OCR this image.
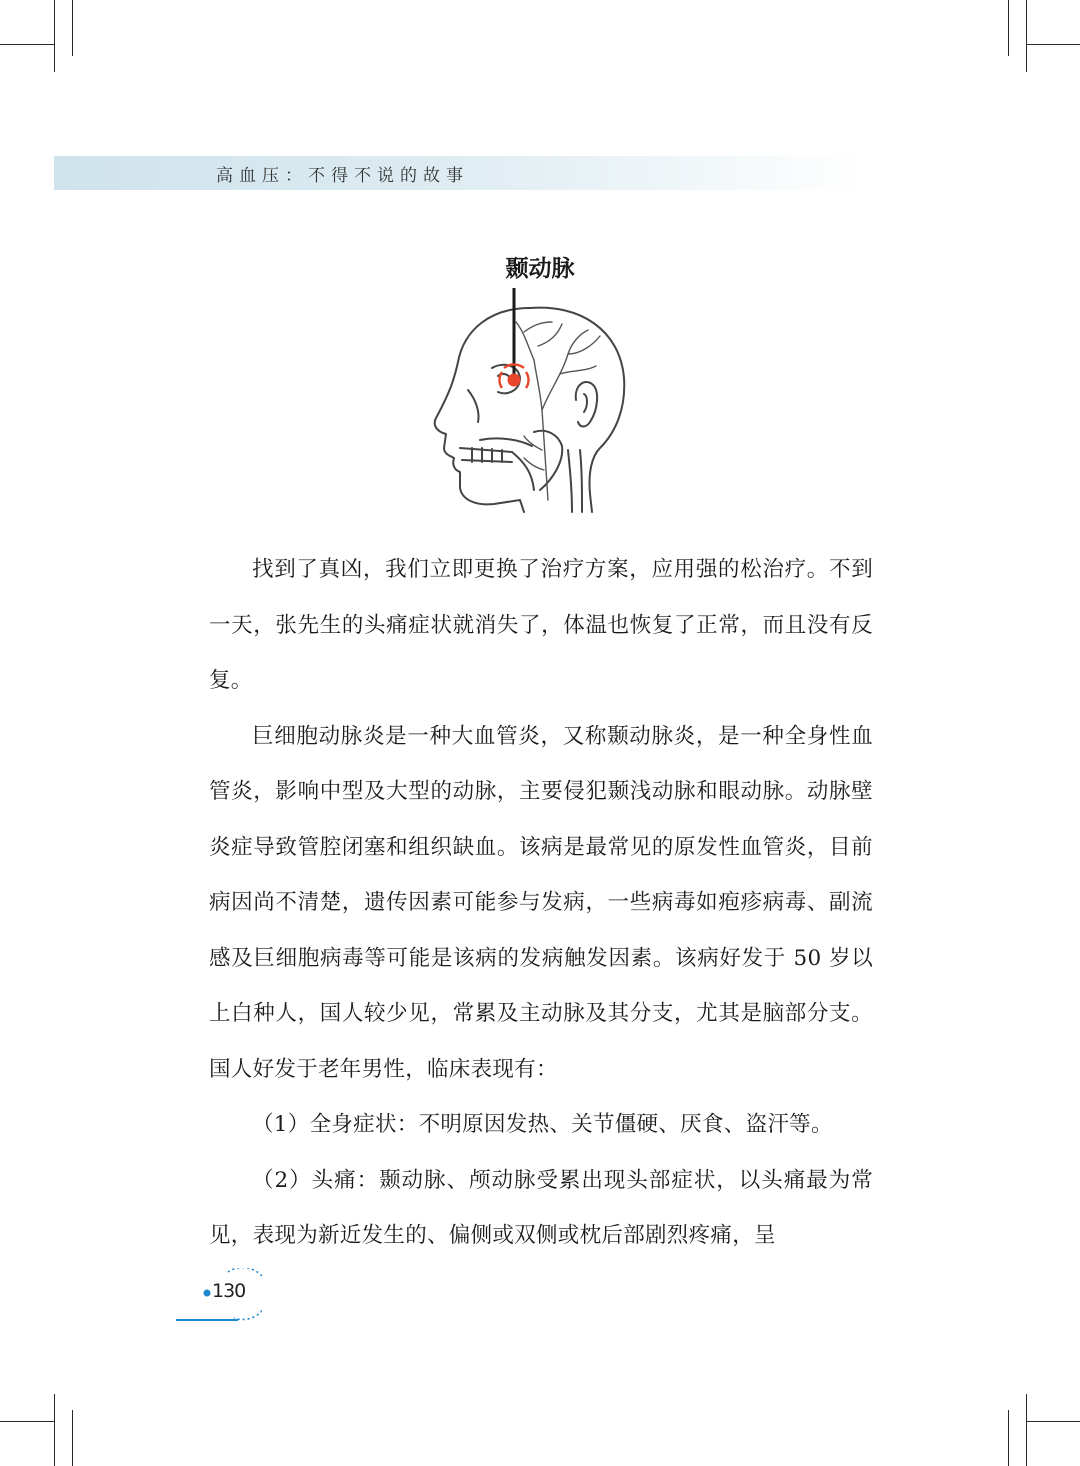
高血压：不得不说的故事
颞动脉

找到了真凶，我们立即更换了治疗方案，应用强的松治疗。不到一天，张先生的头痛症状就消失了，体温也恢复了正常，而且没有反复。

巨细胞动脉炎是一种大血管炎，又称颞动脉炎，是一种全身性血管炎，影响中型及大型的动脉，主要侵犯颞浅动脉和眼动脉。动脉壁炎症导致管腔闭塞和组织缺血。该病是最常见的原发性血管炎，目前病因尚不清楚，遗传因素可能参与发病，一些病毒如疱疹病毒、副流感及巨细胞病毒等可能是该病的发病触发因素。该病好发于 50 岁以上白种人，国人较少见，常累及主动脉及其分支，尤其是脑部分支。国人好发于老年男性，临床表现有：

（1）全身症状：不明原因发热、关节僵硬、厌食、盗汗等。

（2）头痛：颞动脉、颅动脉受累出现头部症状，以头痛最为常见，表现为新近发生的、偏侧或双侧或枕后部剧烈疼痛，呈

130
